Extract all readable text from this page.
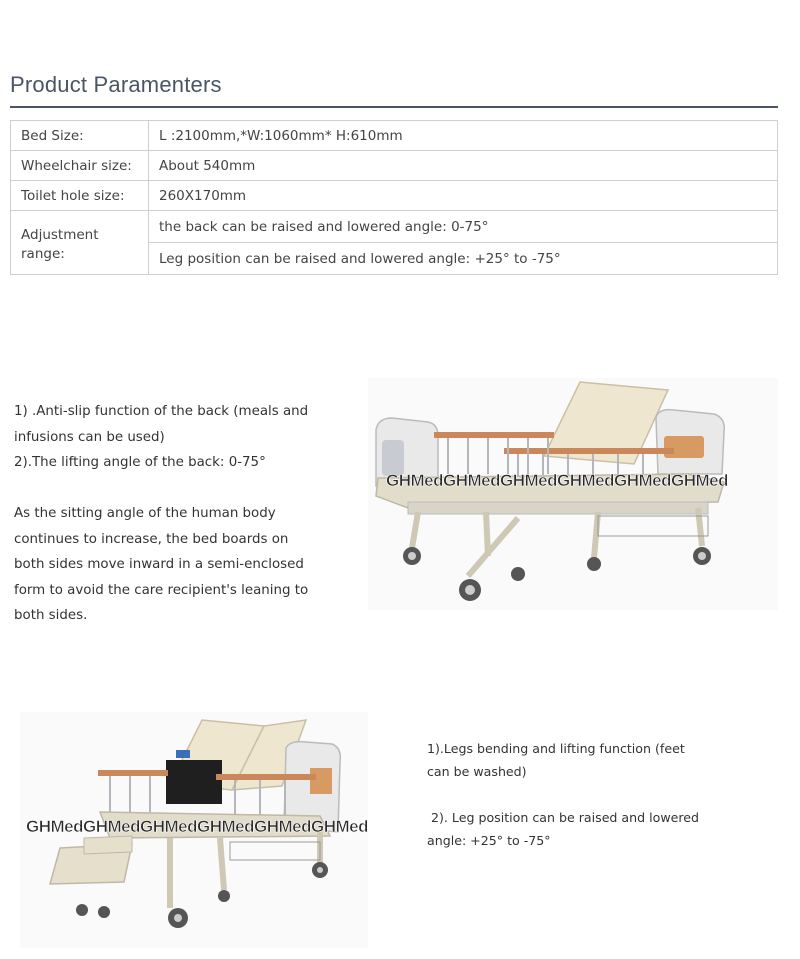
Product Paramenters
Bed Size:	L :2100mm,*W:1060mm* H:610mm
Wheelchair size:	About 540mm
Toilet hole size:	260X170mm
Adjustment range:	the back can be raised and lowered angle: 0-75°
	Leg position can be raised and lowered angle: +25° to -75°

1) .Anti-slip function of the back (meals and

infusions can be used)

2).The lifting angle of the back: 0-75°

As the sitting angle of the human body

continues to increase, the bed boards on

both sides move inward in a semi-enclosed

form to avoid the care recipient's leaning to

both sides.

GHMedGHMedGHMedGHMedGHMedGHMed
GHMedGHMedGHMedGHMedGHMedGHMed

1).Legs bending and lifting function (feet

can be washed)

2). Leg position can be raised and lowered

angle: +25° to -75°
